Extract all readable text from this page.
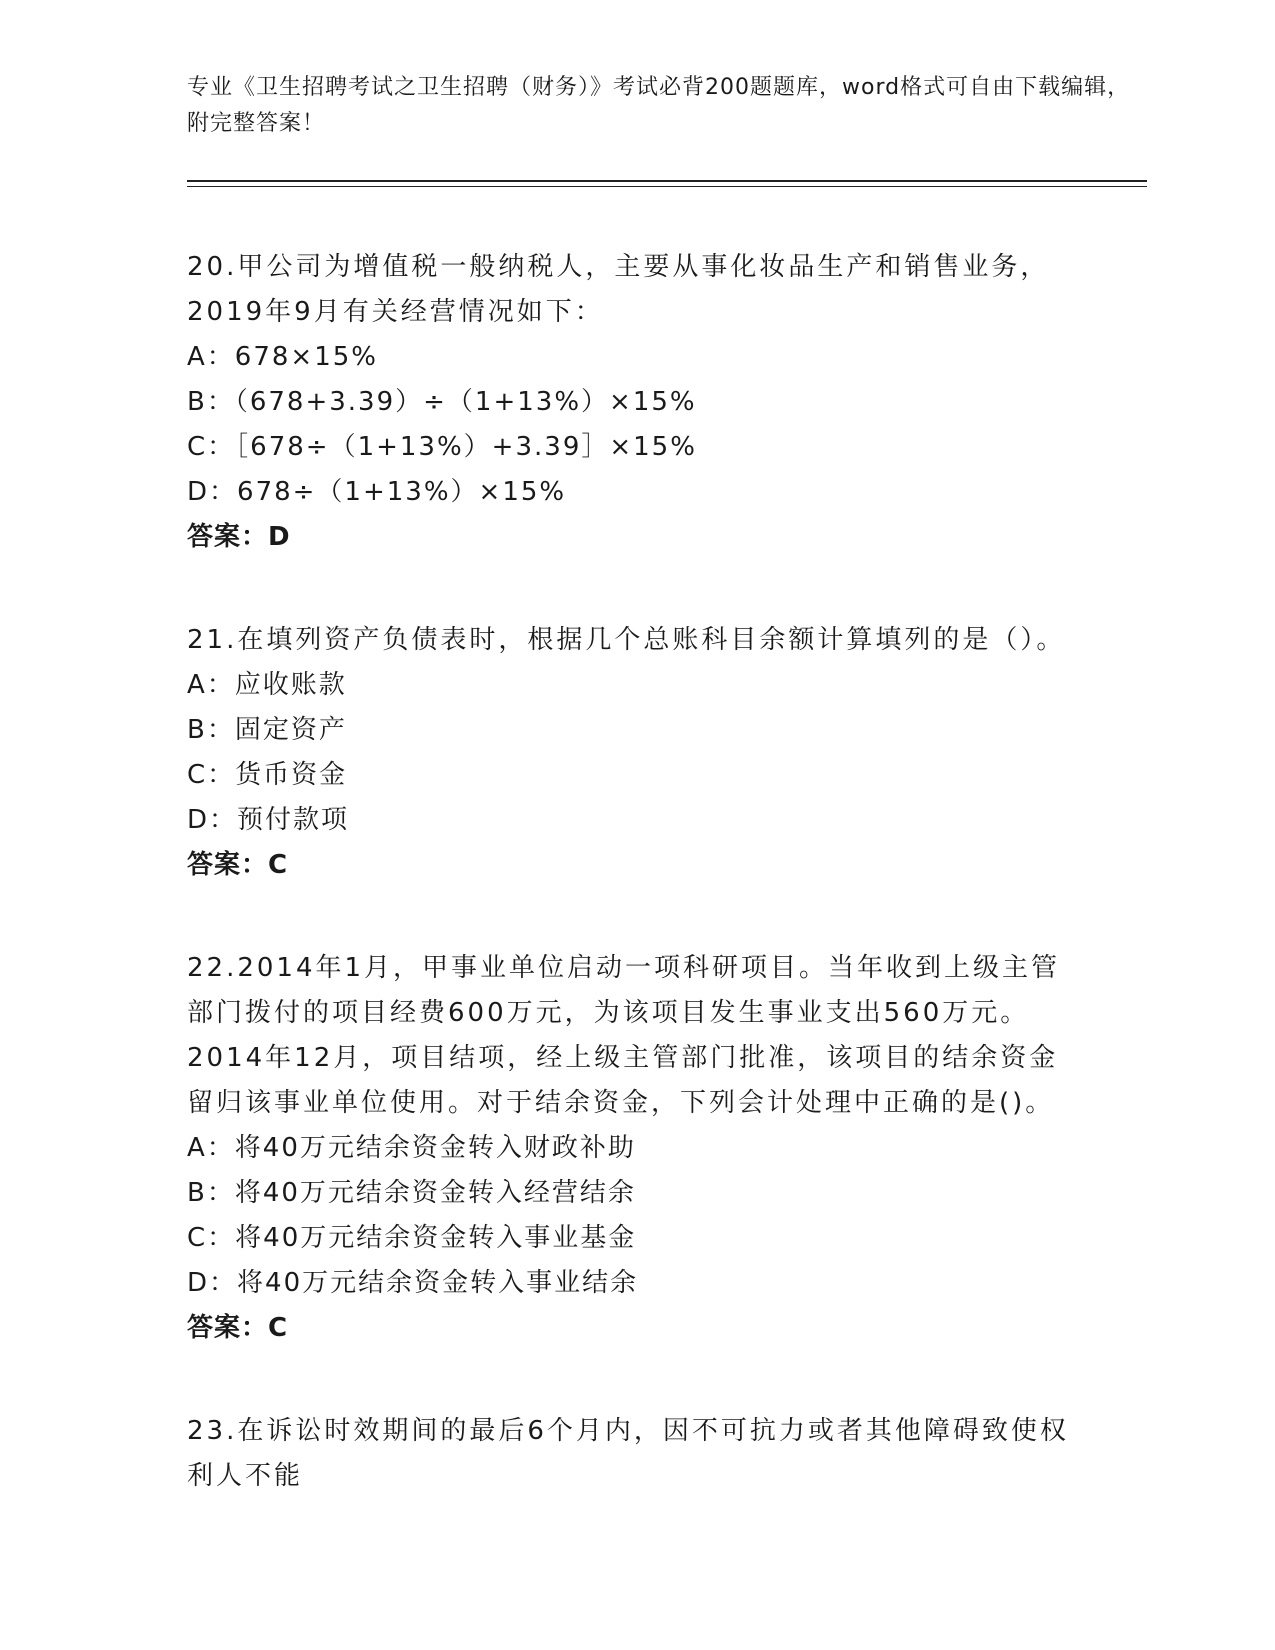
专业《卫生招聘考试之卫生招聘（财务）》考试必背200题题库，word格式可自由下载编辑，附完整答案！
20.甲公司为增值税一般纳税人，主要从事化妆品生产和销售业务，2019年9月有关经营情况如下：
A：678×15%
B：（678+3.39）÷（1+13%）×15%
C：［678÷（1+13%）+3.39］×15%
D：678÷（1+13%）×15%
答案：D
21.在填列资产负债表时，根据几个总账科目余额计算填列的是（）。
A：应收账款
B：固定资产
C：货币资金
D：预付款项
答案：C
22.2014年1月，甲事业单位启动一项科研项目。当年收到上级主管部门拨付的项目经费600万元，为该项目发生事业支出560万元。2014年12月，项目结项，经上级主管部门批准，该项目的结余资金留归该事业单位使用。对于结余资金，下列会计处理中正确的是()。
A：将40万元结余资金转入财政补助
B：将40万元结余资金转入经营结余
C：将40万元结余资金转入事业基金
D：将40万元结余资金转入事业结余
答案：C
23.在诉讼时效期间的最后6个月内，因不可抗力或者其他障碍致使权利人不能
